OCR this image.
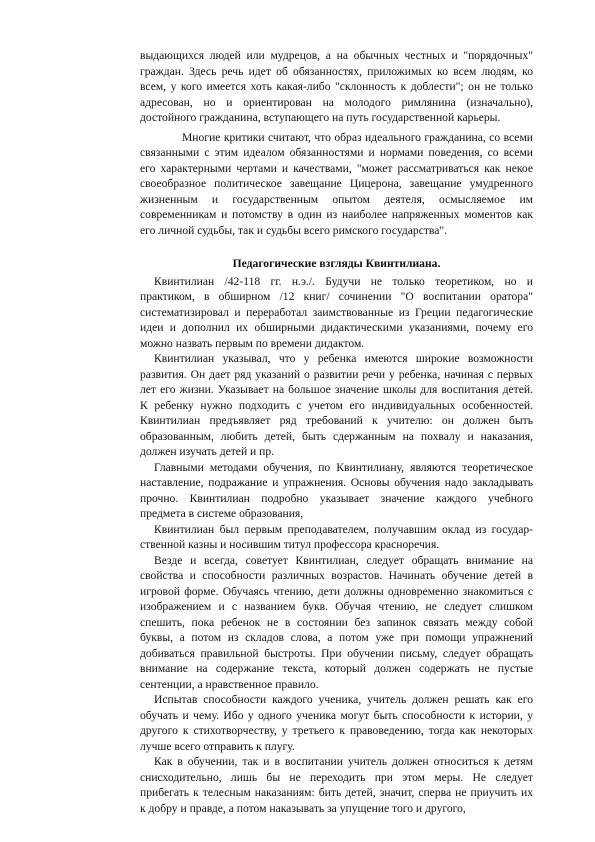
выдающихся людей или мудрецов, а на обычных честных и "порядочных"
граждан. Здесь речь идет об обязанностях, приложимых ко всем людям, ко
всем, у кого имеется хоть какая-либо "склонность к доблести"; он не только
адресован, но и ориентирован на молодого римлянина (изначально),
достойного гражданина, вступающего на путь государственной карьеры.
Многие критики считают, что образ идеального гражданина, со всеми
связанными с этим идеалом обязанностями и нормами поведения, со всеми
его характерными чертами и качествами, "может рассматриваться как некое
своеобразное политическое завещание Цицерона, завещание умудренного
жизненным и государственным опытом деятеля, осмысляемое им
современникам и потомству в один из наиболее напряженных моментов как
его личной судьбы, так и судьбы всего римского государства".
Педагогические взгляды Квинтилиана.
Квинтилиан /42-118 гг. н.э./. Будучи не только теоретиком, но и
практиком, в обширном /12 книг/ сочинении "О воспитании оратора"
систематизировал и переработал заимствованные из Греции педагогические
идеи и дополнил их обширными дидактическими указаниями, почему его
можно назвать первым по времени дидактом.
Квинтилиан указывал, что у ребенка имеются широкие возможности
развития. Он дает ряд указаний о развитии речи у ребенка, начиная с первых
лет его жизни. Указывает на большое значение школы для воспитания детей.
К ребенку нужно подходить с учетом его индивидуальных особенностей.
Квинтилиан предъявляет ряд требований к учителю: он должен быть
образованным, любить детей, быть сдержанным на похвалу и наказания,
должен изучать детей и пр.
Главными методами обучения, по Квинтилиану, являются теоретическое
наставление, подражание и упражнения. Основы обучения надо закладывать
прочно. Квинтилиан подробно указывает значение каждого учебного
предмета в системе образования,
Квинтилиан был первым преподавателем, получавшим оклад из государ-
ственной казны и носившим титул профессора красноречия.
Везде и всегда, советует Квинтилиан, следует обращать внимание на
свойства и способности различных возрастов. Начинать обучение детей в
игровой форме. Обучаясь чтению, дети должны одновременно знакомиться с
изображением и с названием букв. Обучая чтению, не следует слишком
спешить, пока ребенок не в состоянии без запинок связать между собой
буквы, а потом из складов слова, а потом уже при помощи упражнений
добиваться правильной быстроты. При обучении письму, следует обращать
внимание на содержание текста, который должен содержать не пустые
сентенции, а нравственное правило.
Испытав способности каждого ученика, учитель должен решать как его
обучать и чему. Ибо у одного ученика могут быть способности к истории, у
другого к стихотворчеству, у третьего к правоведению, тогда как некоторых
лучше всего отправить к плугу.
Как в обучении, так и в воспитании учитель должен относиться к детям
снисходительно, лишь бы не переходить при этом меры. Не следует
прибегать к телесным наказаниям: бить детей, значит, сперва не приучить их
к добру и правде, а потом наказывать за упущение того и другого,
